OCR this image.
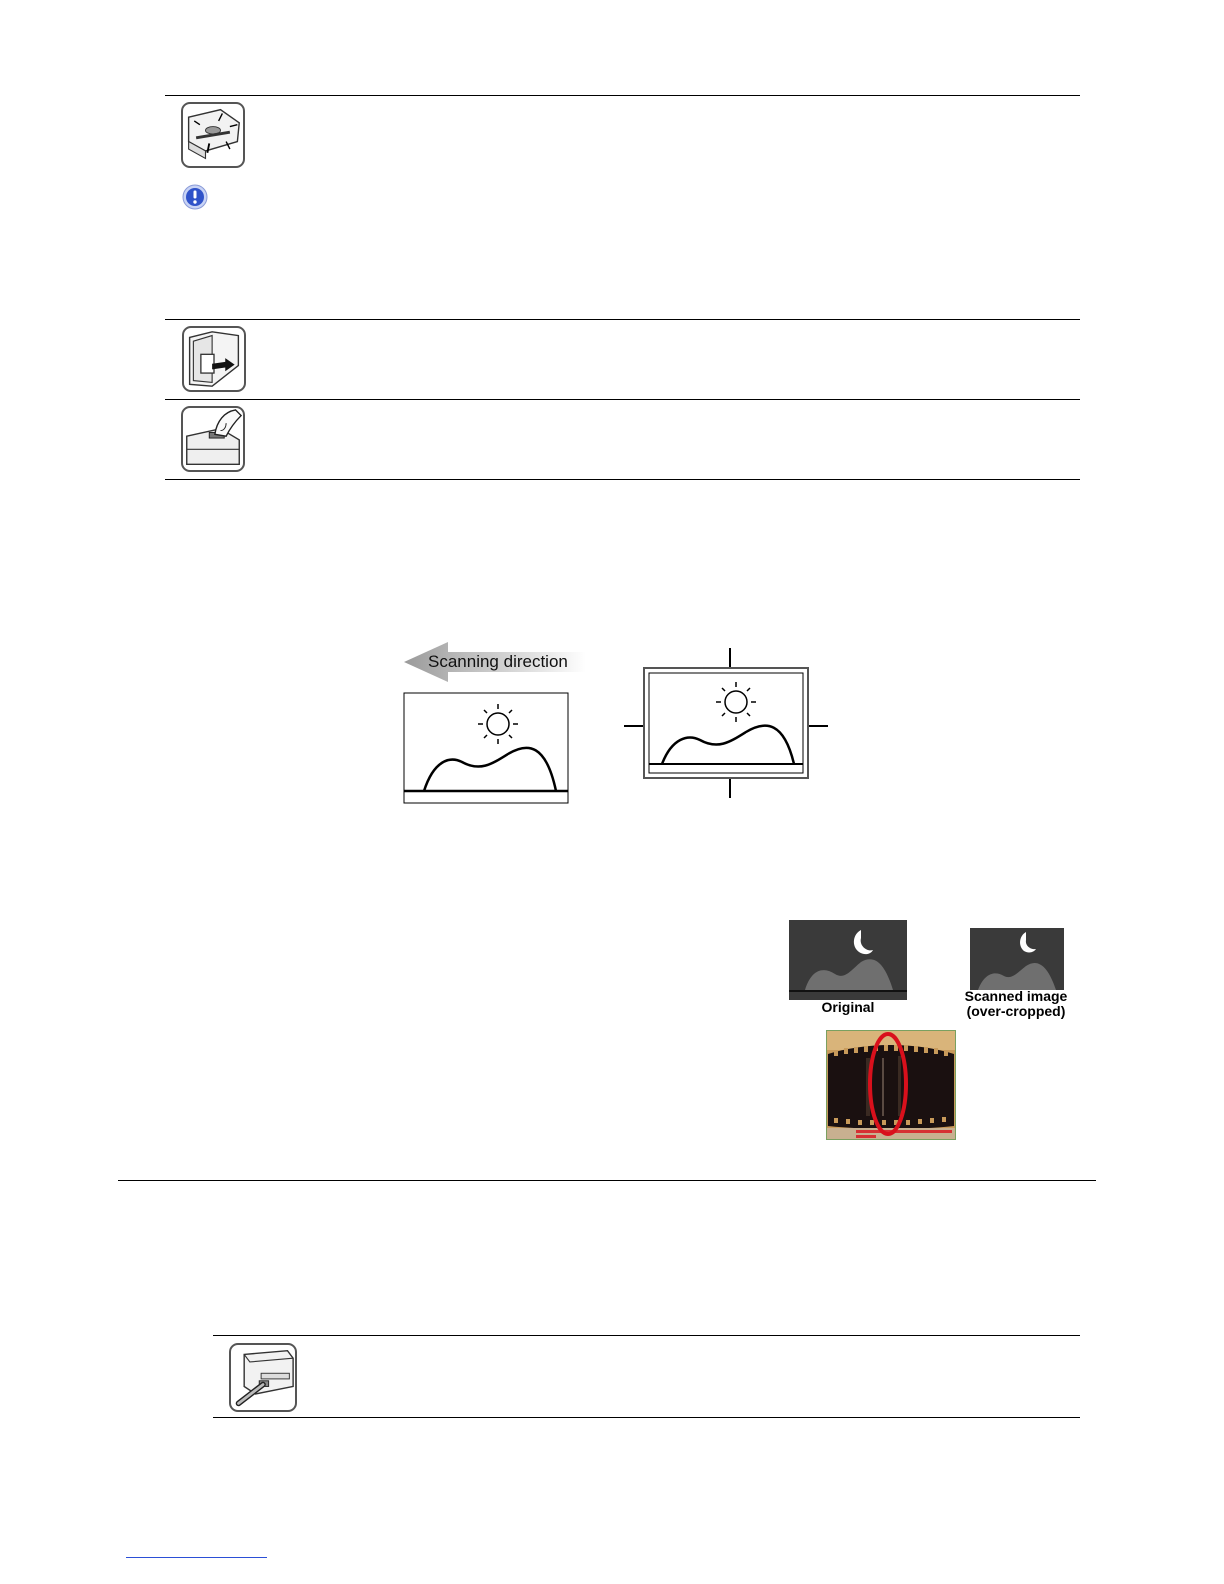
Scanning direction
Original
Scanned image
(over-cropped)
